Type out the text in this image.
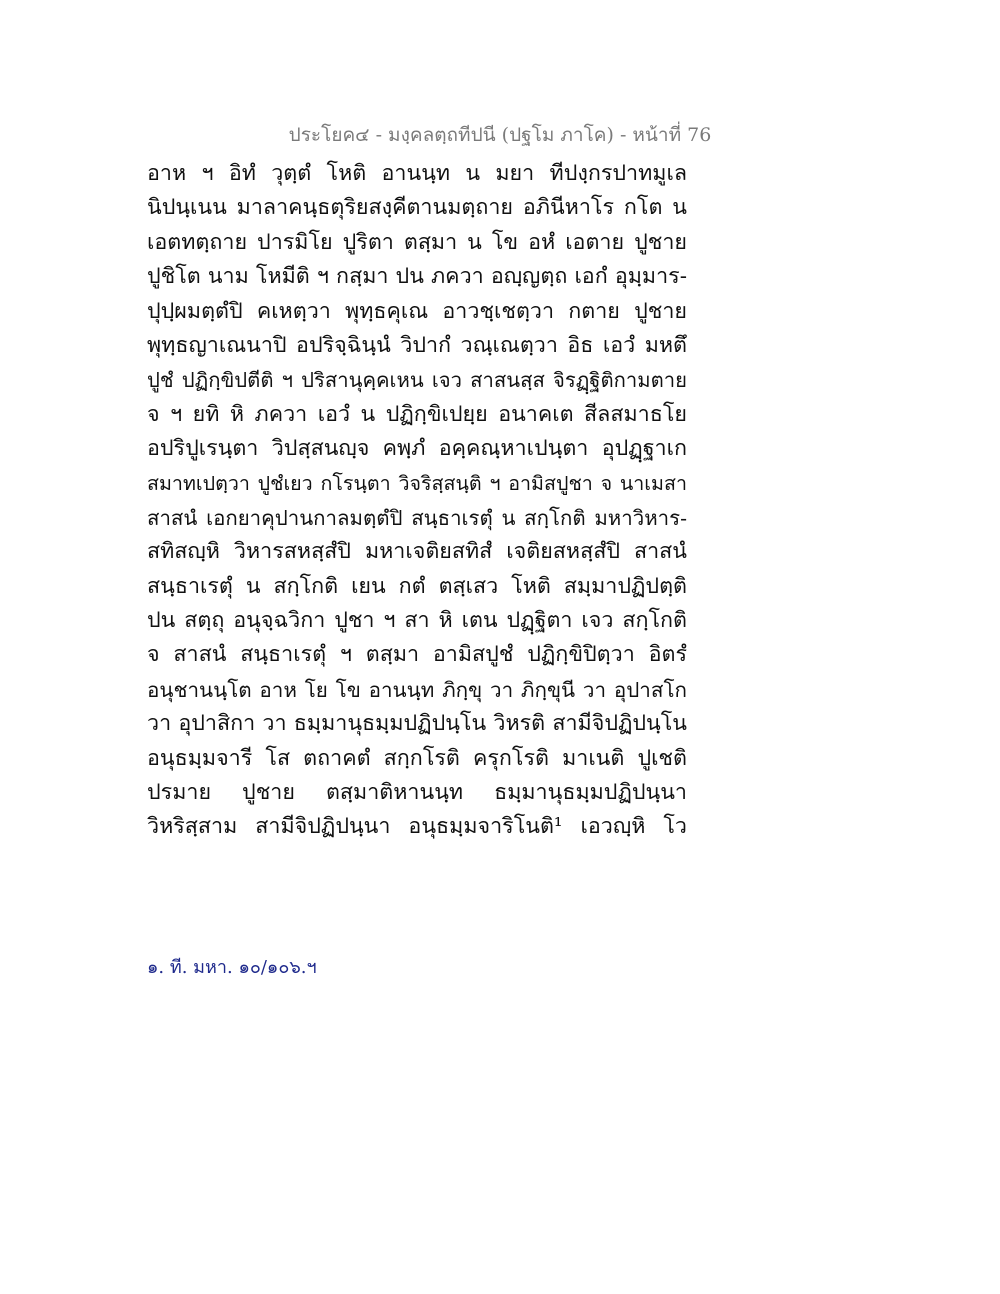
ประโยค๔ - มงฺคลตฺถทีปนี (ปฐโม ภาโค) - หน้าที่ 76
อาห ฯ อิทํ วุตฺตํ โหติ อานนฺท น มยา ทีปงฺกรปาทมูเล
นิปนฺเนน มาลาคนฺธตุริยสงฺคีตานมตฺถาย อภินีหาโร กโต น
เอตทตฺถาย ปารมิโย ปูริตา ตสฺมา น โข อหํ เอตาย ปูชาย
ปูชิโต นาม โหมีติ ฯ กสฺมา ปน ภควา อญฺญตฺถ เอกํ อุมฺมาร-
ปุปฺผมตฺตํปิ คเหตฺวา พุทฺธคุเณ อาวชฺเชตฺวา กตาย ปูชาย
พุทฺธญาเณนาปิ อปริจฺฉินฺนํ วิปากํ วณฺเณตฺวา อิธ เอวํ มหตึ
ปูชํ ปฏิกฺขิปตีติ ฯ ปริสานุคฺคเหน เจว สาสนสฺส จิรฏฺฐิติกามตาย
จ ฯ ยทิ หิ ภควา เอวํ น ปฏิกฺขิเปยฺย อนาคเต สีลสมาธโย
อปริปูเรนฺตา วิปสฺสนญฺจ คพฺภํ อคฺคณฺหาเปนฺตา อุปฏฺฐาเก
สมาทเปตฺวา ปูชํเยว กโรนฺตา วิจริสฺสนฺติ ฯ อามิสปูชา จ นาเมสา
สาสนํ เอกยาคุปานกาลมตฺตํปิ สนฺธาเรตุํ น สกฺโกติ มหาวิหาร-
สทิสญฺหิ วิหารสหสฺสํปิ มหาเจติยสทิสํ เจติยสหสฺสํปิ สาสนํ
สนฺธาเรตุํ น สกฺโกติ เยน กตํ ตสฺเสว โหติ สมฺมาปฏิปตฺติ
ปน สตฺถุ อนุจฺฉวิกา ปูชา ฯ สา หิ เตน ปฏฺฐิตา เจว สกฺโกติ
จ สาสนํ สนฺธาเรตุํ ฯ ตสฺมา อามิสปูชํ ปฏิกฺขิปิตฺวา อิตรํ
อนุชานนฺโต อาห โย โข อานนฺท ภิกฺขุ วา ภิกฺขุนี วา อุปาสโก
วา อุปาสิกา วา ธมฺมานุธมฺมปฏิปนฺโน วิหรติ สามีจิปฏิปนฺโน
อนุธมฺมจารี โส ตถาคตํ สกฺกโรติ ครุกโรติ มาเนติ ปูเชติ
ปรมาย ปูชาย ตสฺมาติหานนฺท ธมฺมานุธมฺมปฏิปนฺนา
วิหริสฺสาม สามีจิปฏิปนฺนา อนุธมฺมจาริโนติ¹ เอวญฺหิ โว
๑. ที. มหา. ๑๐/๑๐๖.ฯ
